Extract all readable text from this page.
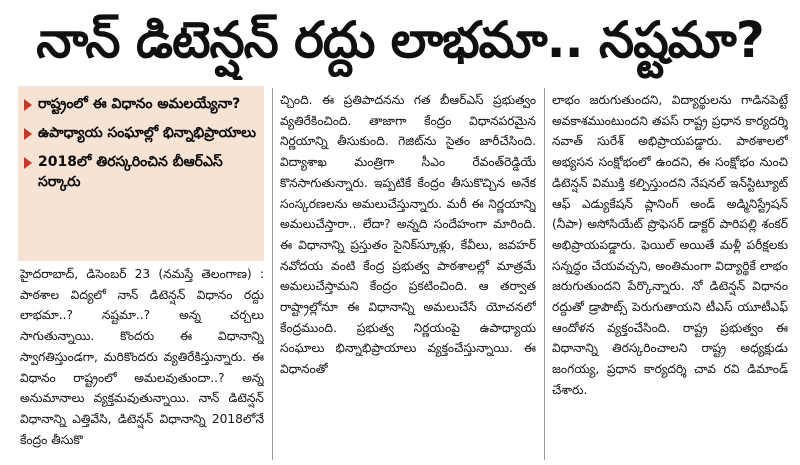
నాన్ డిటెన్షన్ రద్దు లాభమా.. నష్టమా?
రాష్ట్రంలో ఈ విధానం అమలయ్యేనా?
ఉపాధ్యాయ సంఘాల్లో భిన్నాభిప్రాయాలు
2018లో తిరస్కరించిన బీఆర్ఎస్ సర్కారు
హైదరాబాద్, డిసెంబర్ 23 (నమస్తే తెలంగాణ) : పాఠశాల విద్యలో నాన్ డిటెన్షన్ విధానం రద్దు లాభమా..? నష్టమా..? అన్న చర్చలు సాగుతున్నాయి. కొందరు ఈ విధానాన్ని స్వాగతిస్తుండగా, మరికొందరు వ్యతిరేకిస్తున్నారు. ఈ విధానం రాష్ట్రంలో అమలవుతుందా..? అన్న అనుమానాలు వ్యక్తమవుతున్నాయి. నాన్ డిటెన్షన్ విధానాన్ని ఎత్తివేసి, డిటెన్షన్ విధానాన్ని 2018లోనే కేంద్రం తీసుకొ
చ్చింది. ఈ ప్రతిపాదనను గత బీఆర్ఎస్ ప్రభుత్వం వ్యతిరేకించింది. తాజాగా కేంద్రం విధానపరమైన నిర్ణయాన్ని తీసుకుంది. గెజిట్‌ను సైతం జారీచేసింది. విద్యాశాఖ మంత్రిగా సీఎం రేవంత్‌రెడ్డియే కొనసాగుతున్నారు. ఇప్పటికే కేంద్రం తీసుకొచ్చిన అనేక సంస్కరణలను అమలుచేస్తున్నారు. మరీ ఈ నిర్ణయాన్ని అమలుచేస్తారా.. లేదా? అన్నది సందేహంగా మారింది. ఈ విధానాన్ని ప్రస్తుతం సైనిక్‌స్కూళ్లు, కేవీలు, జవహర్ నవోదయ వంటి కేంద్ర ప్రభుత్వ పాఠశాలల్లో మాత్రమే అమలుచేస్తామని కేంద్రం ప్రకటించింది. ఆ తర్వాత రాష్ట్రాల్లోనూ ఈ విధానాన్ని అమలుచేసే యోచనలో కేంద్రముంది. ప్రభుత్వ నిర్ణయంపై ఉపాధ్యాయ సంఘాలు భిన్నాభిప్రాయాలు వ్యక్తంచేస్తున్నాయి. ఈ విధానంతో
లాభం జరుగుతుందని, విద్యార్థులను గాడినపెట్టే అవకాశముంటుందని తపస్ రాష్ట్ర ప్రధాన కార్యదర్శి నవాత్ సురేశ్ అభిప్రాయపడ్డారు. పాఠశాలలో అభ్యసన సంక్షోభంలో ఉందని, ఈ సంక్షోభం నుంచి డిటెన్షన్ విముక్తి కల్పిస్తుందని నేషనల్ ఇన్‌స్టిట్యూట్ ఆఫ్ ఎడ్యుకేషన్ ప్లానింగ్ అండ్ అడ్మినిస్ట్రేషన్ (నీపా) అసోసియేట్ ప్రొఫెసర్ డాక్టర్ పారిపల్లి శంకర్ అభిప్రాయపడ్డారు. ఫెయిల్ అయితే మళ్లీ పరీక్షలకు సన్నద్ధం చేయవచ్చని, అంతిమంగా విద్యార్థికే లాభం జరుగుతుందని పేర్కొన్నారు. నో డిటెన్షన్ విధానం రద్దుతో డ్రాపౌట్స్ పెరుగుతాయని టీఎస్ యూటీఎఫ్ ఆందోళన వ్యక్తంచేసింది. రాష్ట్ర ప్రభుత్వం ఈ విధానాన్ని తిరస్కరించాలని రాష్ట్ర అధ్యక్షుడు జంగయ్య, ప్రధాన కార్యదర్శి చావ రవి డిమాండ్ చేశారు.
